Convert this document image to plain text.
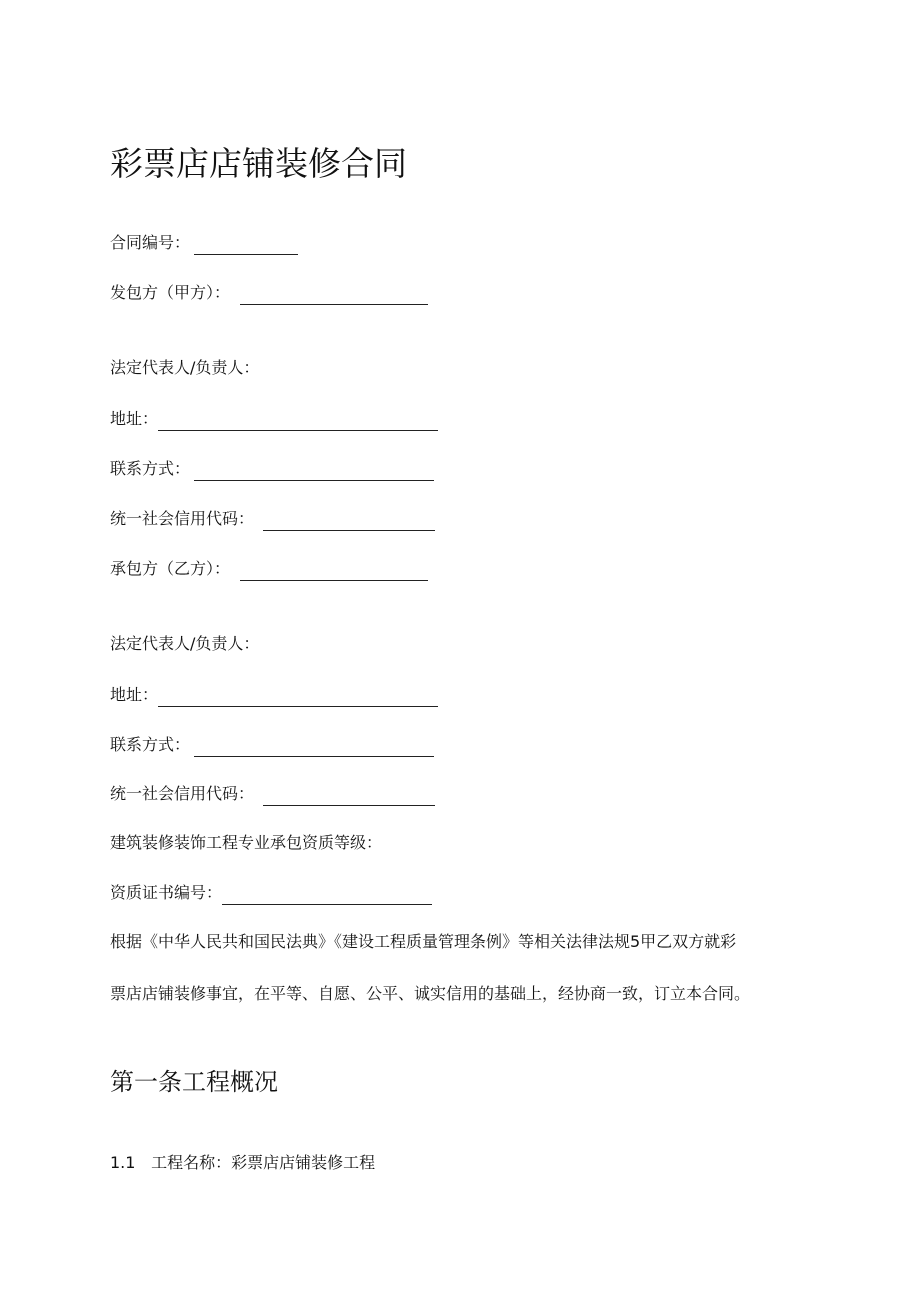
彩票店店铺装修合同
合同编号：
发包方（甲方）：
法定代表人/负责人：
地址：
联系方式：
统一社会信用代码：
承包方（乙方）：
法定代表人/负责人：
地址：
联系方式：
统一社会信用代码：
建筑装修装饰工程专业承包资质等级：
资质证书编号：
根据《中华人民共和国民法典》《建设工程质量管理条例》等相关法律法规5甲乙双方就彩
票店店铺装修事宜，在平等、自愿、公平、诚实信用的基础上，经协商一致，订立本合同。
第一条工程概况
1.1 工程名称：彩票店店铺装修工程
